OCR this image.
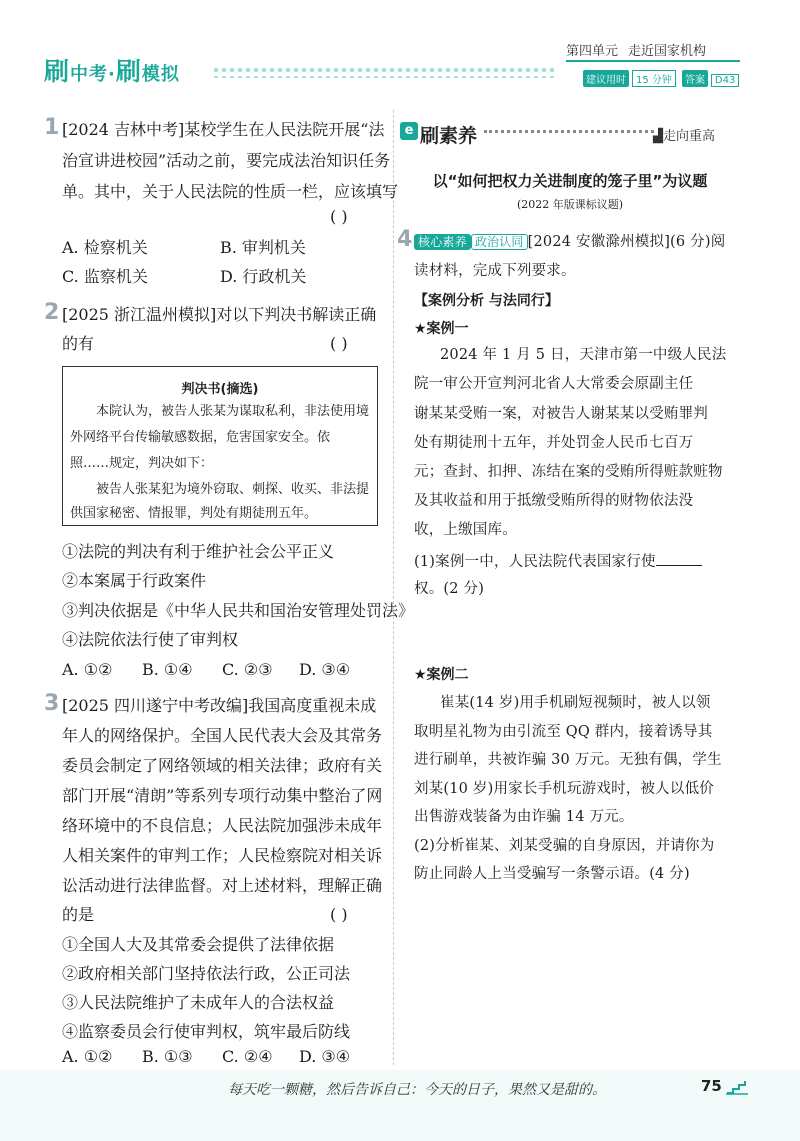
刷中考·刷模拟
第四单元 走近国家机构
建议用时 15 分钟 答案 D43
1 [2024 吉林中考]某校学生在人民法院开展“法
治宣讲进校园”活动之前，要完成法治知识任务
单。其中，关于人民法院的性质一栏，应该填写
( )
A. 检察机关	B. 审判机关
C. 监察机关	D. 行政机关
2 [2025 浙江温州模拟]对以下判决书解读正确
的有	( )
判决书(摘选)
本院认为，被告人张某为谋取私利，非法使用境
外网络平台传输敏感数据，危害国家安全。依
照……规定，判决如下：
被告人张某犯为境外窃取、刺探、收买、非法提
供国家秘密、情报罪，判处有期徒刑五年。
①法院的判决有利于维护社会公平正义
②本案属于行政案件
③判决依据是《中华人民共和国治安管理处罚法》
④法院依法行使了审判权
A. ①② B. ①④ C. ②③ D. ③④
3 [2025 四川遂宁中考改编]我国高度重视未成
年人的网络保护。全国人民代表大会及其常务
委员会制定了网络领域的相关法律；政府有关
部门开展“清朗”等系列专项行动集中整治了网
络环境中的不良信息；人民法院加强涉未成年
人相关案件的审判工作；人民检察院对相关诉
讼活动进行法律监督。对上述材料，理解正确
的是	( )
①全国人大及其常委会提供了法律依据
②政府相关部门坚持依法行政，公正司法
③人民法院维护了未成年人的合法权益
④监察委员会行使审判权，筑牢最后防线
A. ①② B. ①③ C. ②④ D. ③④
e 刷素养	▟走向重高
以“如何把权力关进制度的笼子里”为议题
(2022 年版课标议题)
4 核心素养 政治认同 [2024 安徽滁州模拟](6 分)阅
读材料，完成下列要求。
【案例分析 与法同行】
★案例一
2024 年 1 月 5 日，天津市第一中级人民法
院一审公开宣判河北省人大常委会原副主任
谢某某受贿一案，对被告人谢某某以受贿罪判
处有期徒刑十五年，并处罚金人民币七百万
元；查封、扣押、冻结在案的受贿所得赃款赃物
及其收益和用于抵缴受贿所得的财物依法没
收，上缴国库。
(1)案例一中，人民法院代表国家行使
权。(2 分)
★案例二
崔某(14 岁)用手机刷短视频时，被人以领
取明星礼物为由引流至 QQ 群内，接着诱导其
进行刷单，共被诈骗 30 万元。无独有偶，学生
刘某(10 岁)用家长手机玩游戏时，被人以低价
出售游戏装备为由诈骗 14 万元。
(2)分析崔某、刘某受骗的自身原因，并请你为
防止同龄人上当受骗写一条警示语。(4 分)
每天吃一颗糖，然后告诉自己：今天的日子，果然又是甜的。	75
